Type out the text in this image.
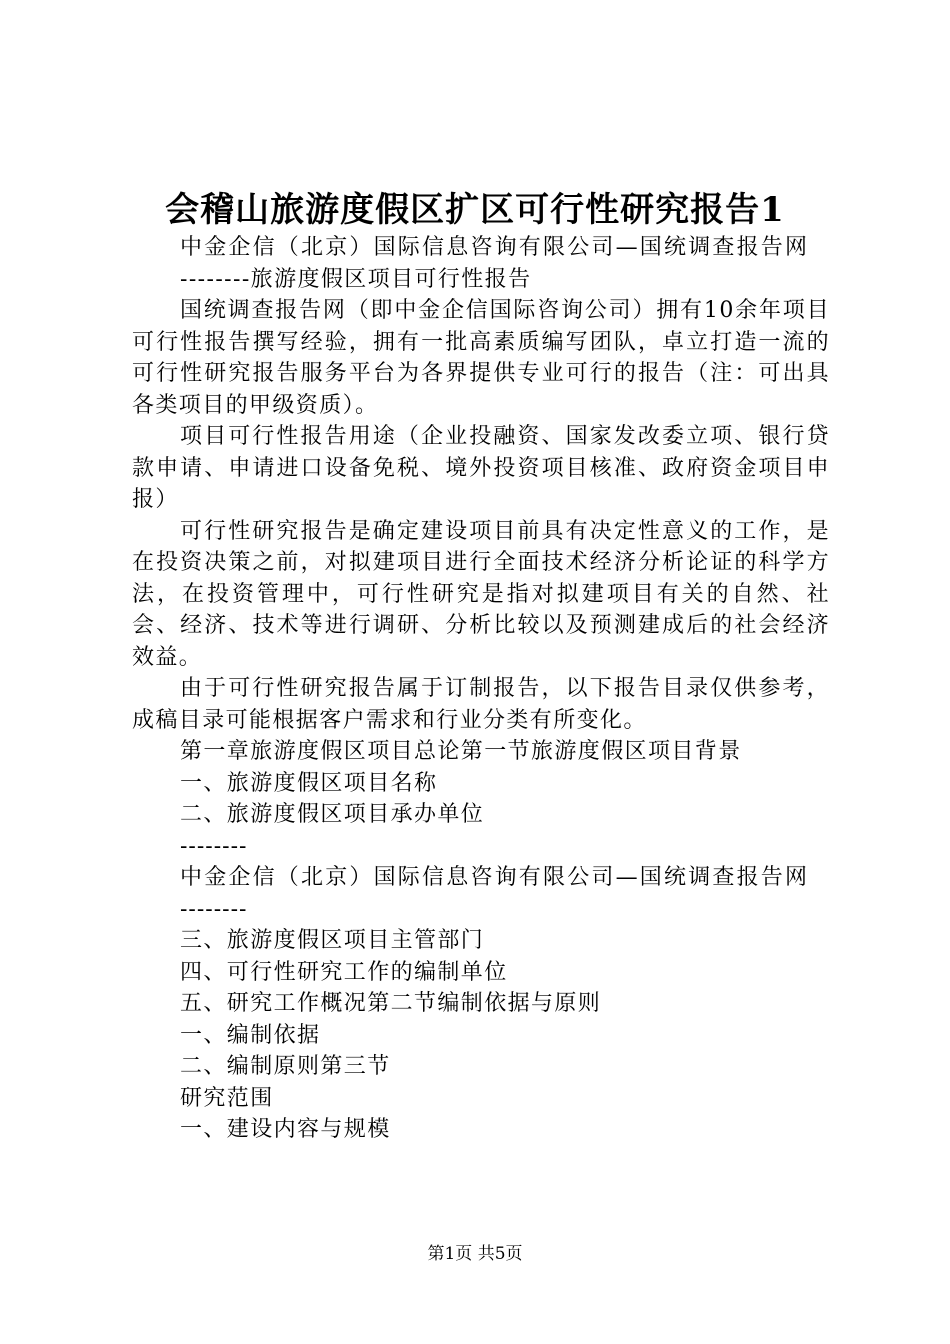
会稽山旅游度假区扩区可行性研究报告1

中金企信（北京）国际信息咨询有限公司—国统调查报告网

--------旅游度假区项目可行性报告

国统调查报告网（即中金企信国际咨询公司）拥有10余年项目可行性报告撰写经验，拥有一批高素质编写团队，卓立打造一流的可行性研究报告服务平台为各界提供专业可行的报告（注：可出具各类项目的甲级资质）。

项目可行性报告用途（企业投融资、国家发改委立项、银行贷款申请、申请进口设备免税、境外投资项目核准、政府资金项目申报）

可行性研究报告是确定建设项目前具有决定性意义的工作，是在投资决策之前，对拟建项目进行全面技术经济分析论证的科学方法，在投资管理中，可行性研究是指对拟建项目有关的自然、社会、经济、技术等进行调研、分析比较以及预测建成后的社会经济效益。

由于可行性研究报告属于订制报告，以下报告目录仅供参考，成稿目录可能根据客户需求和行业分类有所变化。

第一章旅游度假区项目总论第一节旅游度假区项目背景

一、旅游度假区项目名称

二、旅游度假区项目承办单位

--------

中金企信（北京）国际信息咨询有限公司—国统调查报告网

--------

三、旅游度假区项目主管部门

四、可行性研究工作的编制单位

五、研究工作概况第二节编制依据与原则

一、编制依据

二、编制原则第三节

研究范围

一、建设内容与规模

第1页 共5页
